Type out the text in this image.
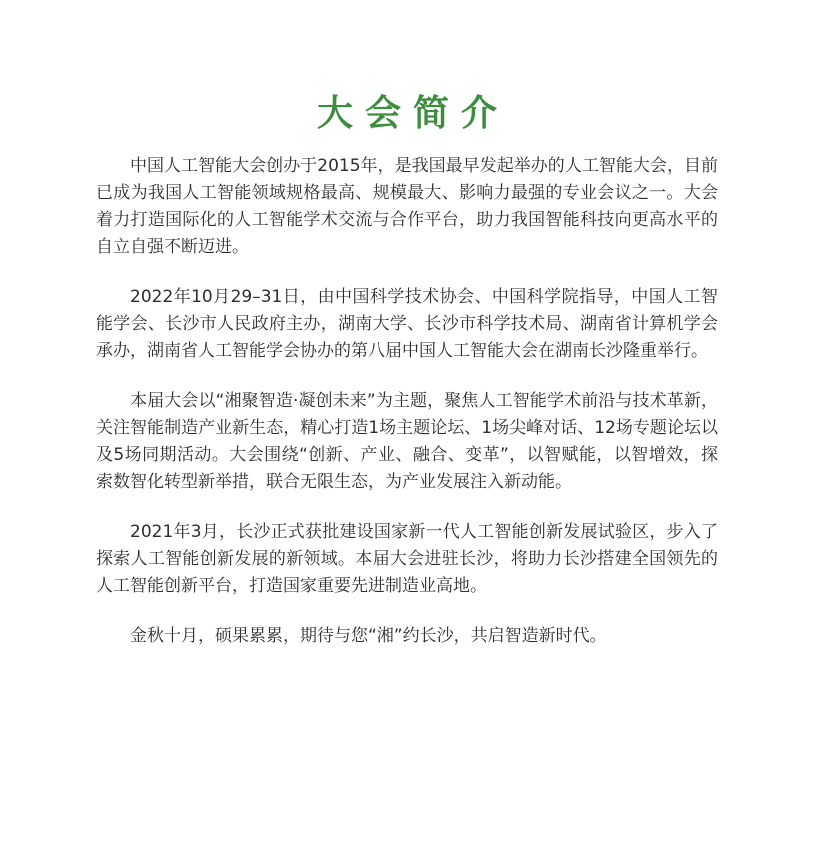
大会简介

中国人工智能大会创办于2015年，是我国最早发起举办的人工智能大会，目前已成为我国人工智能领域规格最高、规模最大、影响力最强的专业会议之一。大会着力打造国际化的人工智能学术交流与合作平台，助力我国智能科技向更高水平的自立自强不断迈进。

2022年10月29–31日，由中国科学技术协会、中国科学院指导，中国人工智能学会、长沙市人民政府主办，湖南大学、长沙市科学技术局、湖南省计算机学会承办，湖南省人工智能学会协办的第八届中国人工智能大会在湖南长沙隆重举行。

本届大会以“湘聚智造·凝创未来”为主题，聚焦人工智能学术前沿与技术革新，关注智能制造产业新生态，精心打造1场主题论坛、1场尖峰对话、12场专题论坛以及5场同期活动。大会围绕“创新、产业、融合、变革”，以智赋能，以智增效，探索数智化转型新举措，联合无限生态，为产业发展注入新动能。

2021年3月，长沙正式获批建设国家新一代人工智能创新发展试验区，步入了探索人工智能创新发展的新领域。本届大会进驻长沙，将助力长沙搭建全国领先的人工智能创新平台，打造国家重要先进制造业高地。

金秋十月，硕果累累，期待与您“湘”约长沙，共启智造新时代。
